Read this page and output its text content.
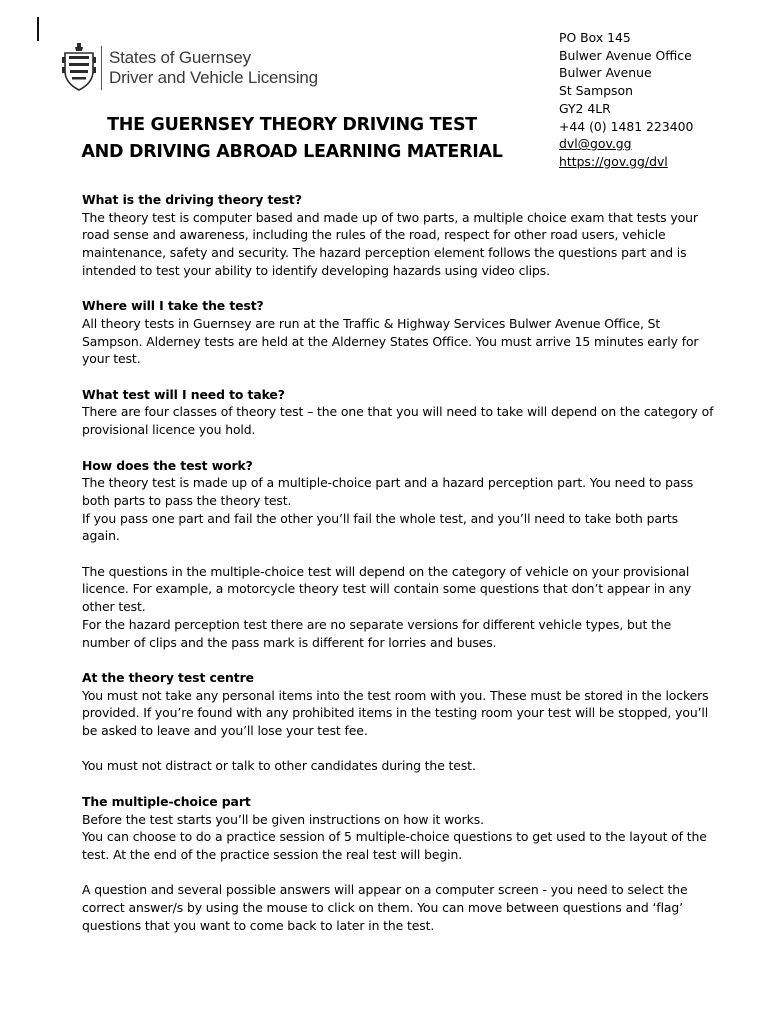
States of Guernsey
Driver and Vehicle Licensing
PO Box 145
Bulwer Avenue Office
Bulwer Avenue
St Sampson
GY2 4LR
+44 (0) 1481 223400
dvl@gov.gg
https://gov.gg/dvl
THE GUERNSEY THEORY DRIVING TEST
AND DRIVING ABROAD LEARNING MATERIAL

What is the driving theory test?
The theory test is computer based and made up of two parts, a multiple choice exam that tests your road sense and awareness, including the rules of the road, respect for other road users, vehicle maintenance, safety and security. The hazard perception element follows the questions part and is intended to test your ability to identify developing hazards using video clips.

Where will I take the test?
All theory tests in Guernsey are run at the Traffic & Highway Services Bulwer Avenue Office, St Sampson. Alderney tests are held at the Alderney States Office. You must arrive 15 minutes early for your test.

What test will I need to take?
There are four classes of theory test – the one that you will need to take will depend on the category of provisional licence you hold.

How does the test work?
The theory test is made up of a multiple-choice part and a hazard perception part. You need to pass both parts to pass the theory test.
If you pass one part and fail the other you’ll fail the whole test, and you’ll need to take both parts again.

The questions in the multiple-choice test will depend on the category of vehicle on your provisional licence. For example, a motorcycle theory test will contain some questions that don’t appear in any other test.
For the hazard perception test there are no separate versions for different vehicle types, but the number of clips and the pass mark is different for lorries and buses.

At the theory test centre
You must not take any personal items into the test room with you. These must be stored in the lockers provided. If you’re found with any prohibited items in the testing room your test will be stopped, you’ll be asked to leave and you’ll lose your test fee.

You must not distract or talk to other candidates during the test.

The multiple-choice part
Before the test starts you’ll be given instructions on how it works.
You can choose to do a practice session of 5 multiple-choice questions to get used to the layout of the test. At the end of the practice session the real test will begin.

A question and several possible answers will appear on a computer screen - you need to select the correct answer/s by using the mouse to click on them. You can move between questions and ‘flag’ questions that you want to come back to later in the test.
